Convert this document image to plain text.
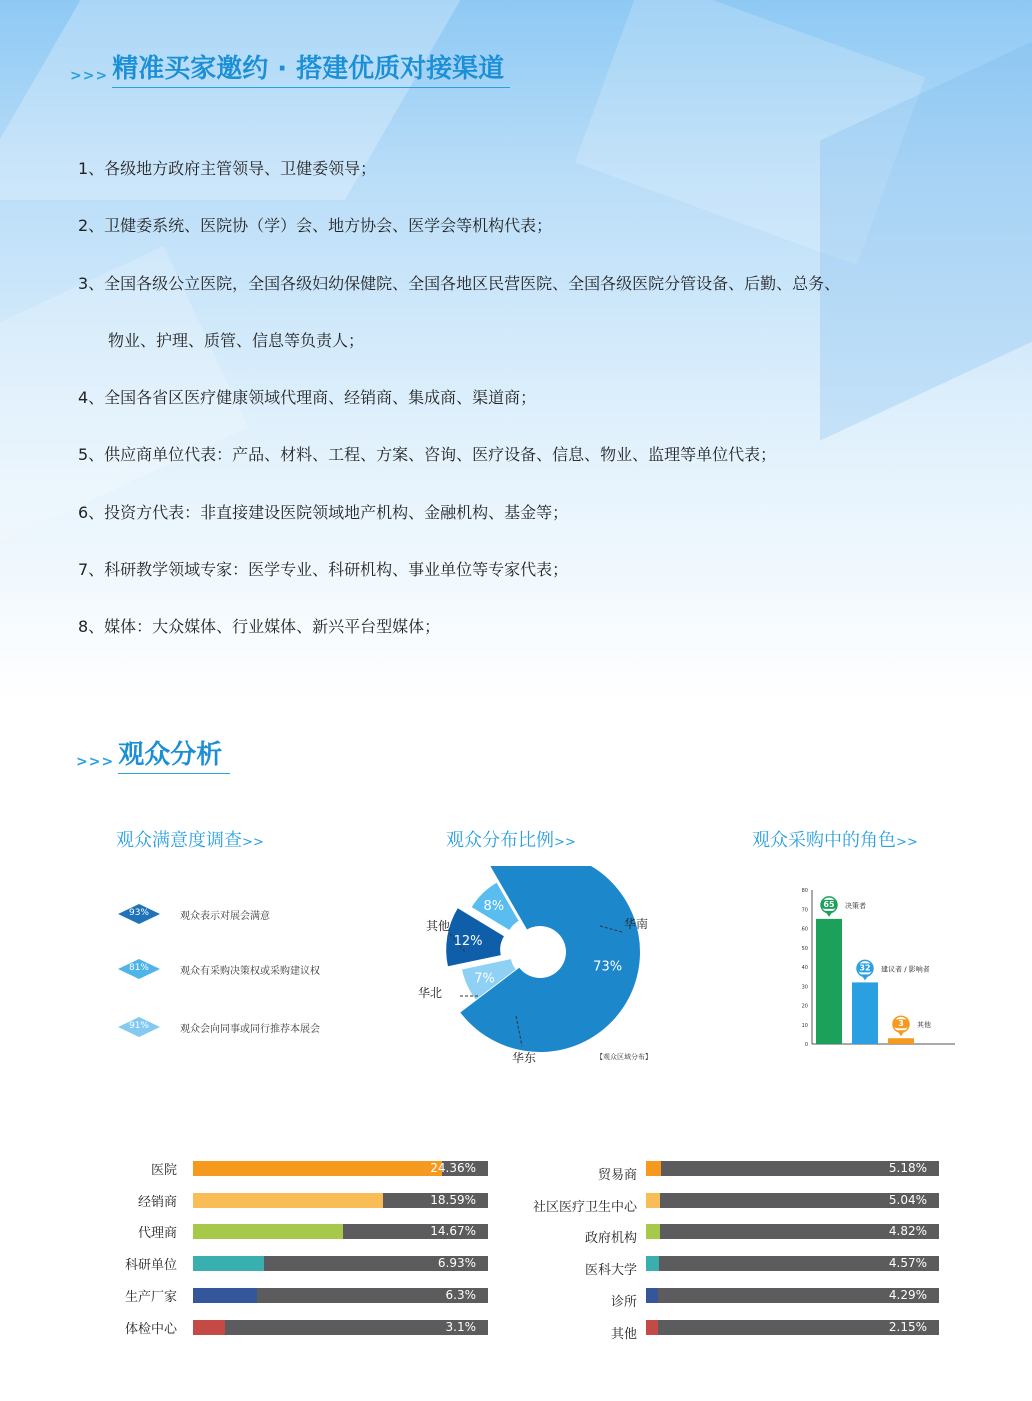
>>> 精准买家邀约 · 搭建优质对接渠道
1、各级地方政府主管领导、卫健委领导；
2、卫健委系统、医院协（学）会、地方协会、医学会等机构代表；
3、全国各级公立医院，全国各级妇幼保健院、全国各地区民营医院、全国各级医院分管设备、后勤、总务、
物业、护理、质管、信息等负责人；
4、全国各省区医疗健康领域代理商、经销商、集成商、渠道商；
5、供应商单位代表：产品、材料、工程、方案、咨询、医疗设备、信息、物业、监理等单位代表；
6、投资方代表：非直接建设医院领域地产机构、金融机构、基金等；
7、科研教学领域专家：医学专业、科研机构、事业单位等专家代表；
8、媒体：大众媒体、行业媒体、新兴平台型媒体；
>>> 观众分析
观众满意度调查>>	观众分布比例>>	观众采购中的角色>>
93%	观众表示对展会满意
81%	观众有采购决策权或采购建议权
91%	观众会向同事或同行推荐本展会
其他	华南
华北
华东	【观众区域分布】
73%
7%
12%
8%
0
10
20
30
40
50
60
70
80
65 决策者
32 建议者 / 影响者
3 其他
医院	24.36%
经销商	18.59%
代理商	14.67%
科研单位	6.93%
生产厂家	6.3%
体检中心	3.1%
贸易商	5.18%
社区医疗卫生中心	5.04%
政府机构	4.82%
医科大学	4.57%
诊所	4.29%
其他	2.15%
